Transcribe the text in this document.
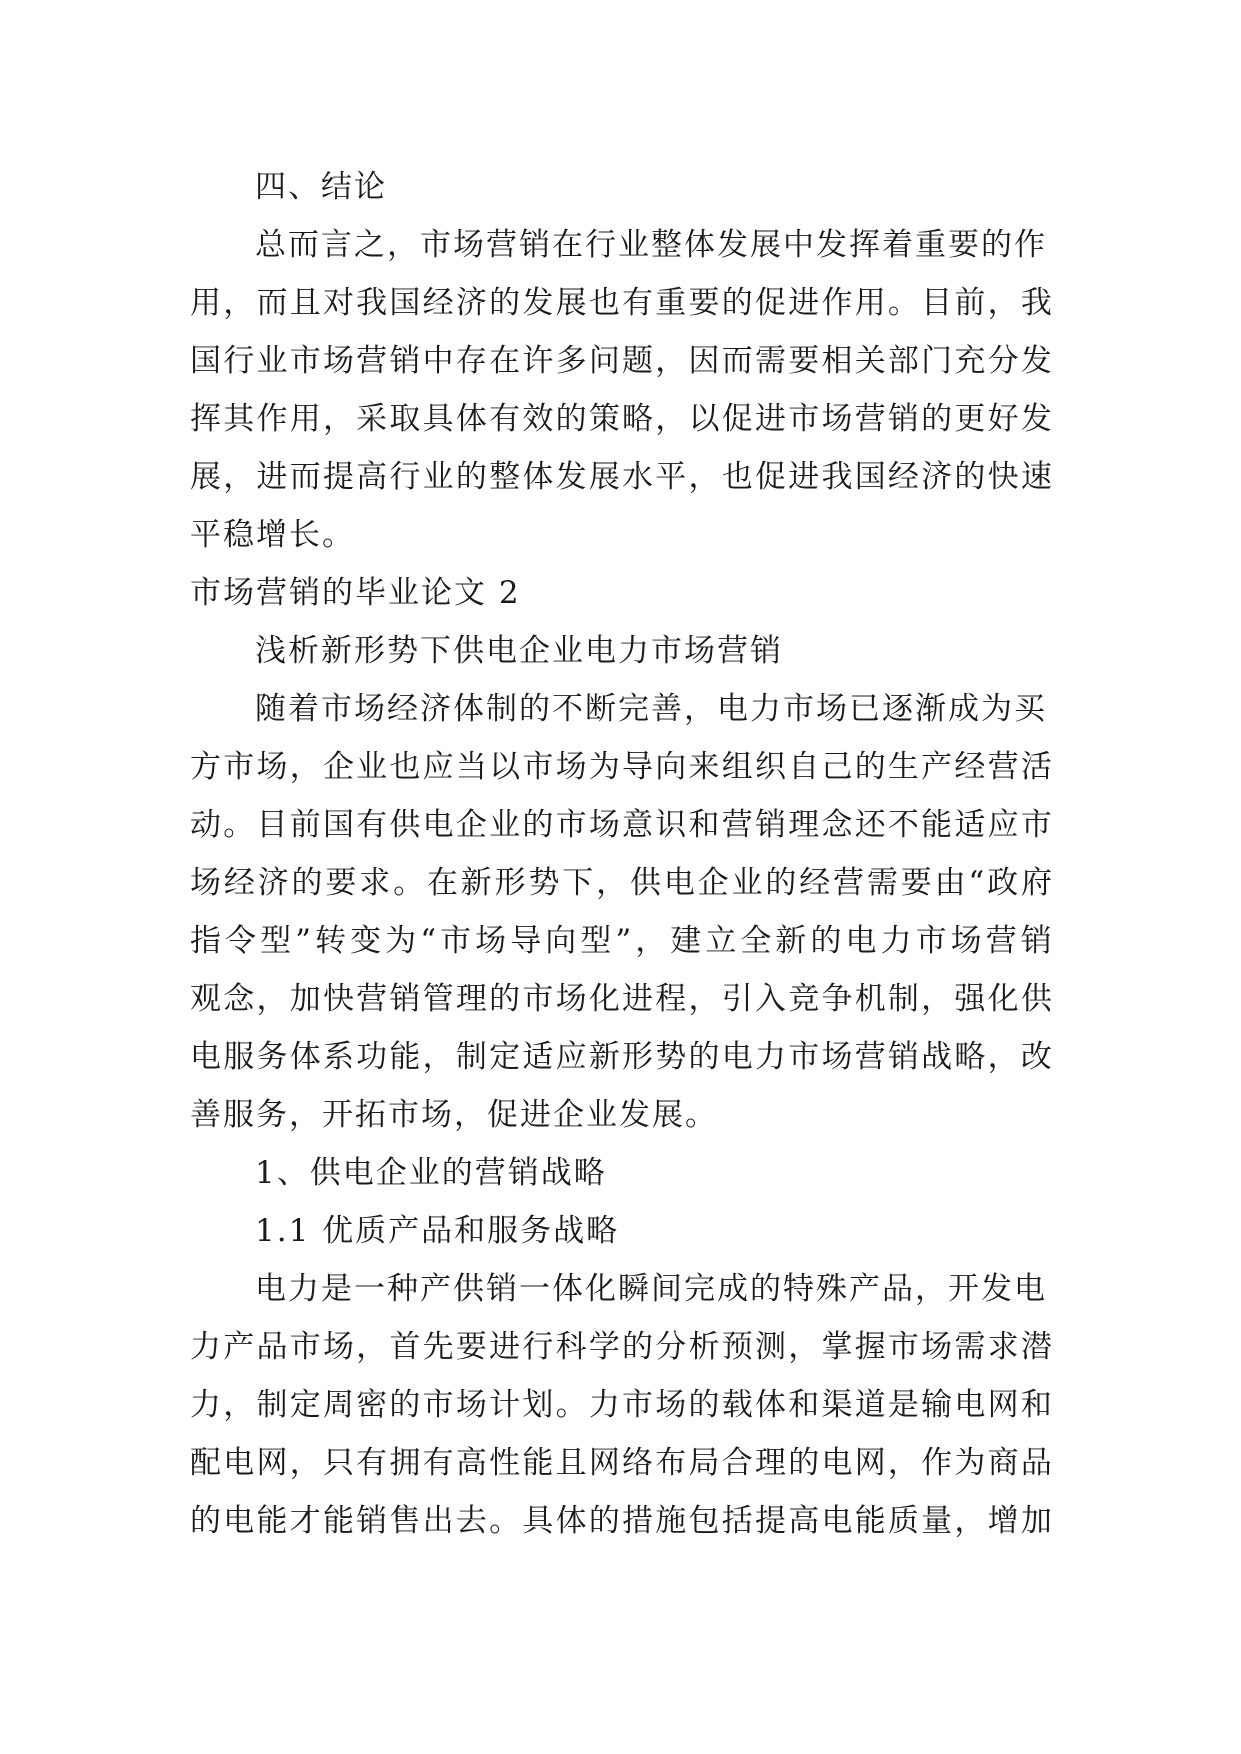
四、结论
总而言之，市场营销在行业整体发展中发挥着重要的作
用 ， 而 且 对 我 国 经 济 的 发 展 也 有 重 要 的 促 进 作 用 。 目 前 ， 我
国 行 业 市 场 营 销 中 存 在 许 多 问 题 ， 因 而 需 要 相 关 部 门 充 分 发
挥 其 作 用 ， 采 取 具 体 有 效 的 策 略 ， 以 促 进 市 场 营 销 的 更 好 发
展 ， 进 而 提 高 行 业 的 整 体 发 展 水 平 ， 也 促 进 我 国 经 济 的 快 速
平稳增长。
市场营销的毕业论文 2
浅析新形势下供电企业电力市场营销
随着市场经济体制的不断完善，电力市场已逐渐成为买
方 市 场 ， 企 业 也 应 当 以 市 场 为 导 向 来 组 织 自 己 的 生 产 经 营 活
动 。 目 前 国 有 供 电 企 业 的 市 场 意 识 和 营 销 理 念 还 不 能 适 应 市
场 经 济 的 要 求 。 在 新 形 势 下 ， 供 电 企 业 的 经 营 需 要 由 “ 政 府
指 令 型 ” 转 变 为 “ 市 场 导 向 型 ” ， 建 立 全 新 的 电 力 市 场 营 销
观 念 ， 加 快 营 销 管 理 的 市 场 化 进 程 ， 引 入 竞 争 机 制 ， 强 化 供
电 服 务 体 系 功 能 ， 制 定 适 应 新 形 势 的 电 力 市 场 营 销 战 略 ， 改
善服务，开拓市场，促进企业发展。
1、供电企业的营销战略
1.1 优质产品和服务战略
电力是一种产供销一体化瞬间完成的特殊产品，开发电
力 产 品 市 场 ， 首 先 要 进 行 科 学 的 分 析 预 测 ， 掌 握 市 场 需 求 潜
力 ， 制 定 周 密 的 市 场 计 划 。 力 市 场 的 载 体 和 渠 道 是 输 电 网 和
配 电 网 ， 只 有 拥 有 高 性 能 且 网 络 布 局 合 理 的 电 网 ， 作 为 商 品
的 电 能 才 能 销 售 出 去 。 具 体 的 措 施 包 括 提 高 电 能 质 量 ， 增 加
